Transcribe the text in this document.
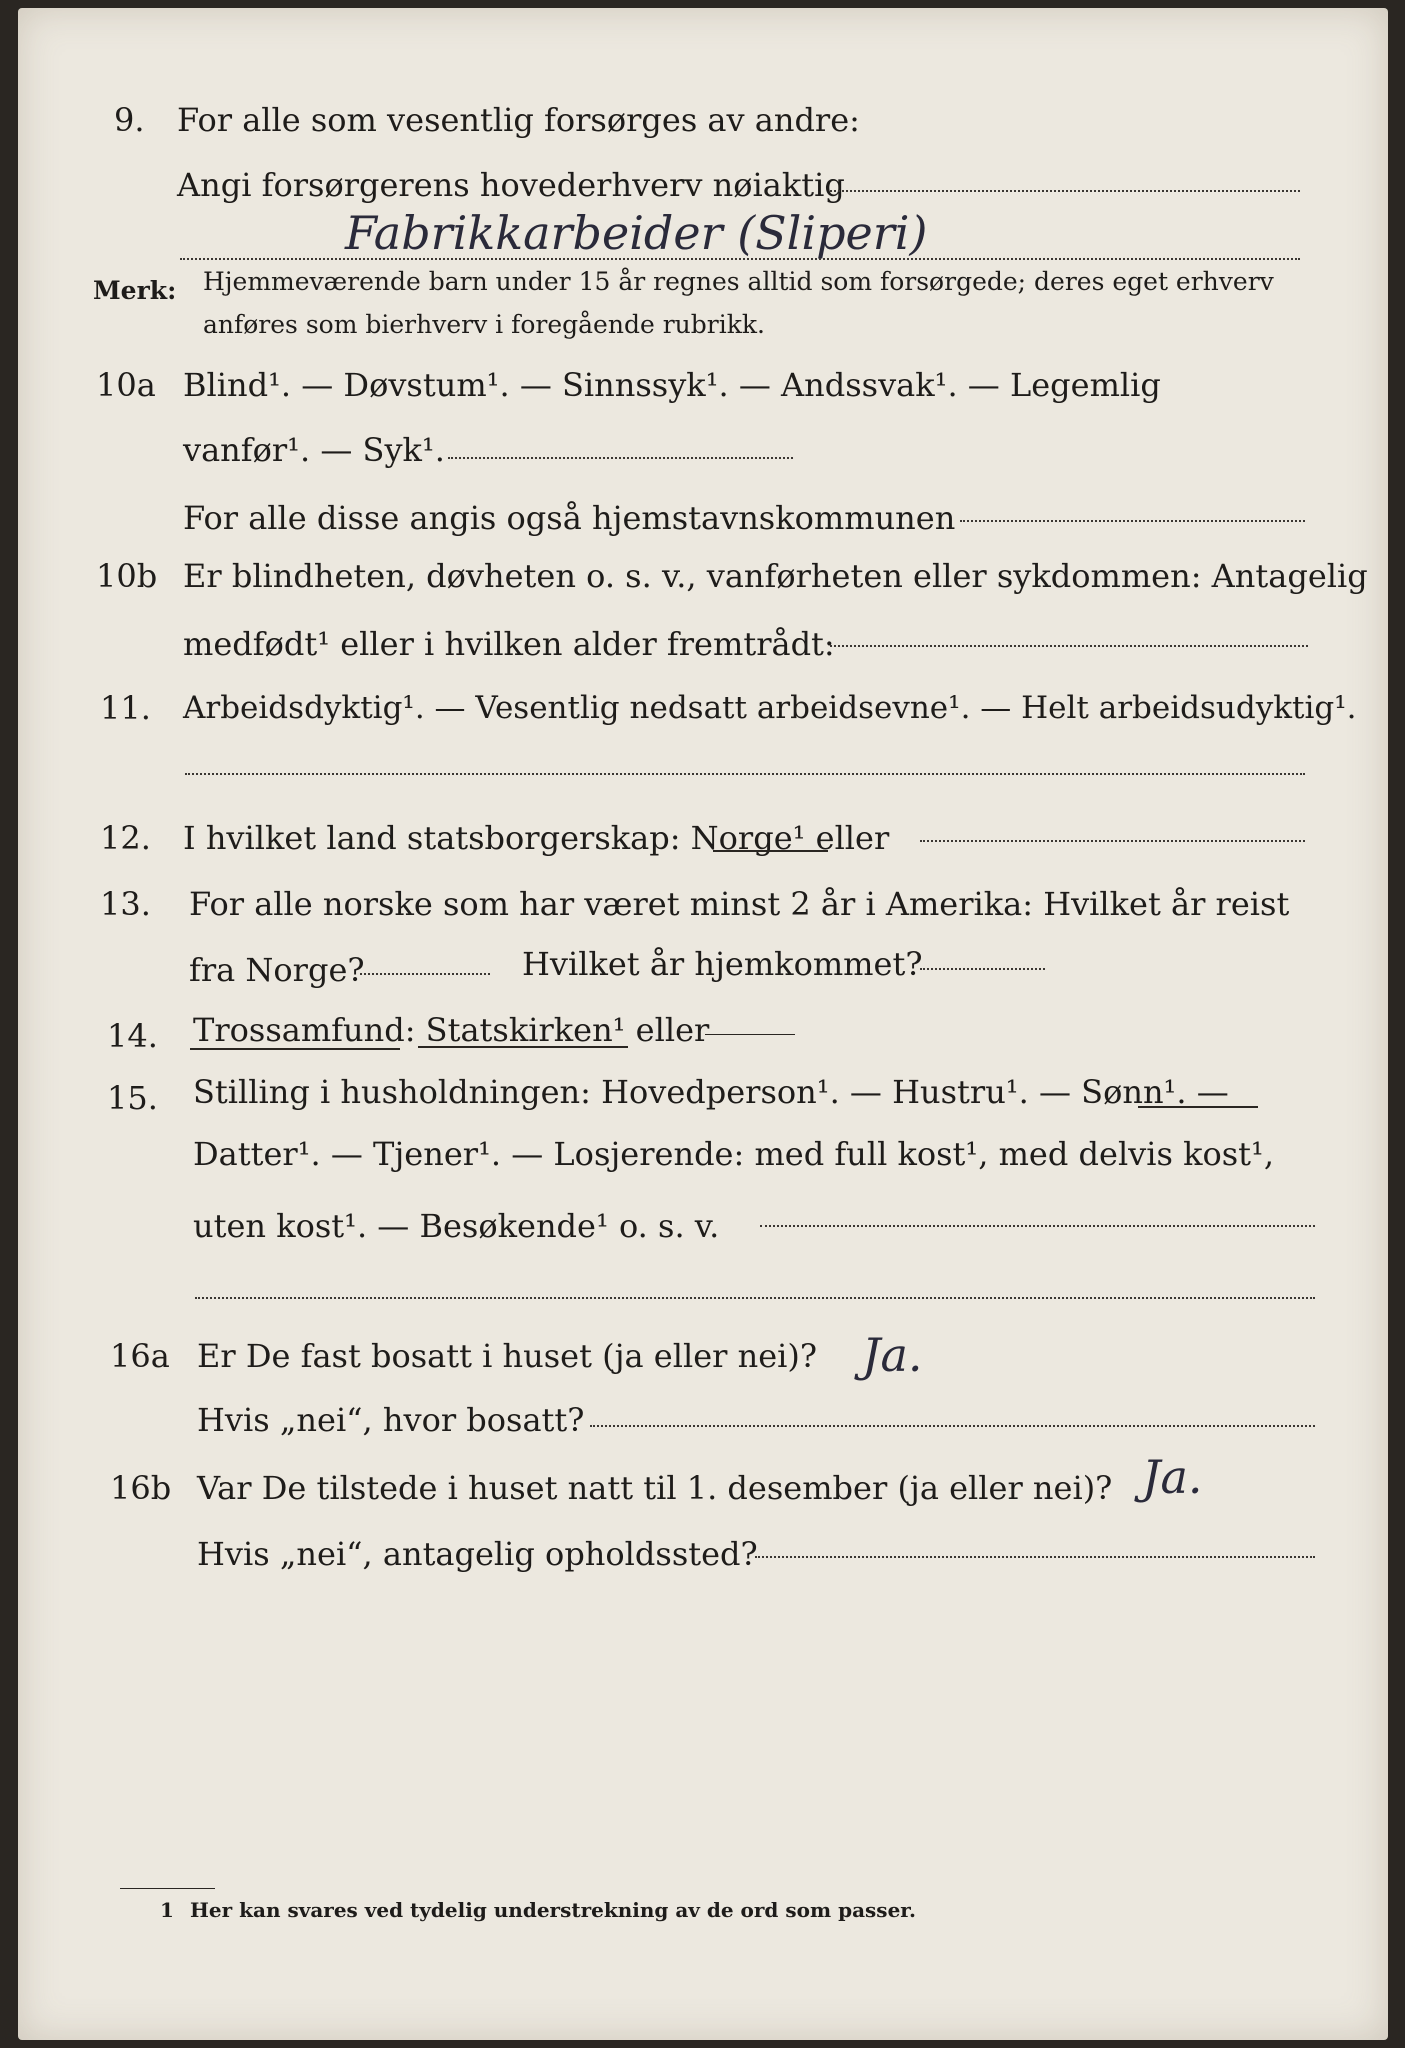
9. For alle som vesentlig forsørges av andre:
Angi forsørgerens hovederhverv nøiaktig
Fabrikkarbeider (Sliperi)
Merk: Hjemmeværende barn under 15 år regnes alltid som forsørgede; deres eget erhverv
anføres som bierhverv i foregående rubrikk.
10a Blind¹. — Døvstum¹. — Sinnssyk¹. — Andssvak¹. — Legemlig
vanfør¹. — Syk¹.
For alle disse angis også hjemstavnskommunen
10b Er blindheten, døvheten o. s. v., vanførheten eller sykdommen: Antagelig
medfødt¹ eller i hvilken alder fremtrådt:
11. Arbeidsdyktig¹. — Vesentlig nedsatt arbeidsevne¹. — Helt arbeidsudyktig¹.
12. I hvilket land statsborgerskap: Norge¹ eller
13. For alle norske som har været minst 2 år i Amerika: Hvilket år reist
fra Norge?	Hvilket år hjemkommet?
14. Trossamfund: Statskirken¹ eller
15. Stilling i husholdningen: Hovedperson¹. — Hustru¹. — Sønn¹. —
Datter¹. — Tjener¹. — Losjerende: med full kost¹, med delvis kost¹,
uten kost¹. — Besøkende¹ o. s. v.
16a Er De fast bosatt i huset (ja eller nei)? Ja.
Hvis „nei“, hvor bosatt?
16b Var De tilstede i huset natt til 1. desember (ja eller nei)? Ja.
Hvis „nei“, antagelig opholdssted?
1 Her kan svares ved tydelig understrekning av de ord som passer.
